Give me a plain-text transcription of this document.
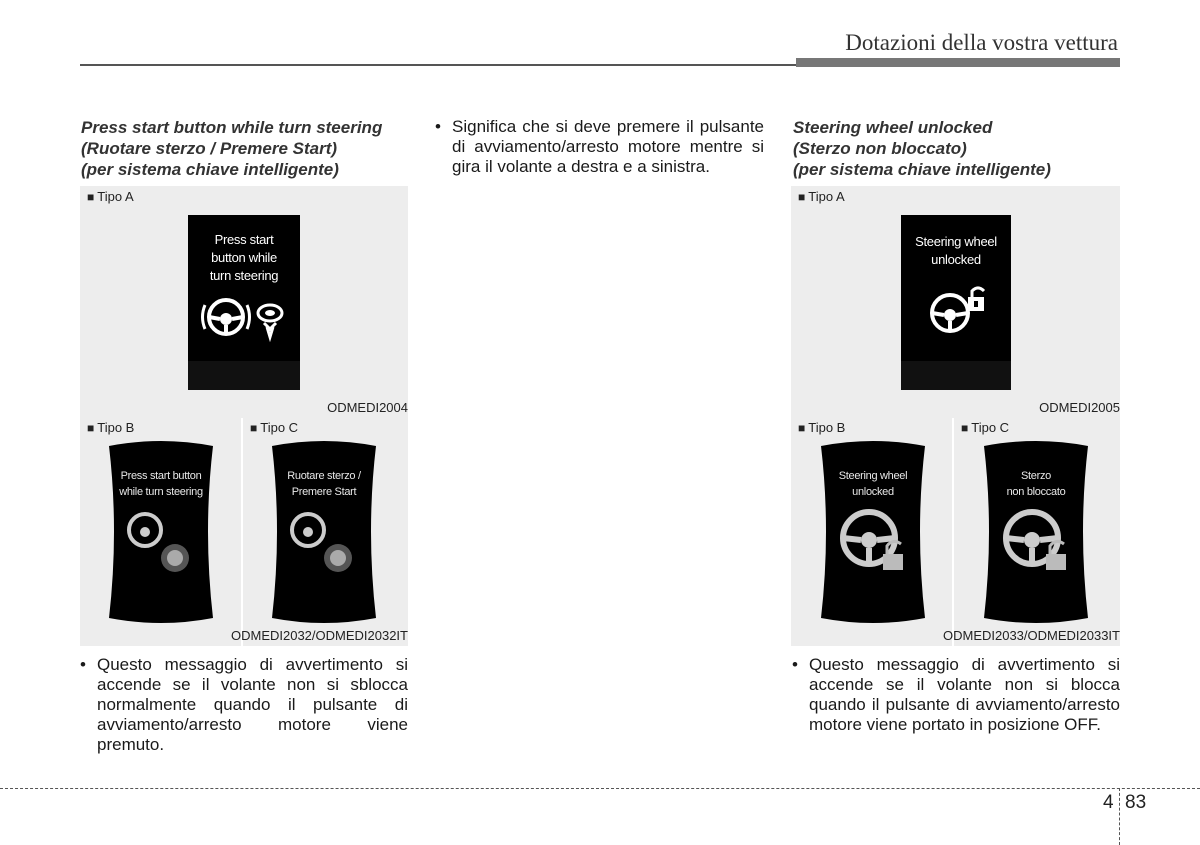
Dotazioni della vostra vettura
Press start button while turn steering
(Ruotare sterzo / Premere Start)
(per sistema chiave intelligente)
■ Tipo A
Press start
button while
turn steering
ODMEDI2004
■ Tipo B	■ Tipo C
Press start button
while turn steering
Ruotare sterzo /
Premere Start
ODMEDI2032/ODMEDI2032IT
• Questo messaggio di avvertimento si accende se il volante non si sblocca normalmente quando il pulsante di avviamento/arresto motore viene premuto.
• Significa che si deve premere il pulsante di avviamento/arresto motore mentre si gira il volante a destra e a sinistra.
Steering wheel unlocked
(Sterzo non bloccato)
(per sistema chiave intelligente)
■ Tipo A
Steering wheel
unlocked
ODMEDI2005
■ Tipo B	■ Tipo C
Steering wheel
unlocked
Sterzo
non bloccato
ODMEDI2033/ODMEDI2033IT
• Questo messaggio di avvertimento si accende se il volante non si blocca quando il pulsante di avviamento/arresto motore viene portato in posizione OFF.
4 83
